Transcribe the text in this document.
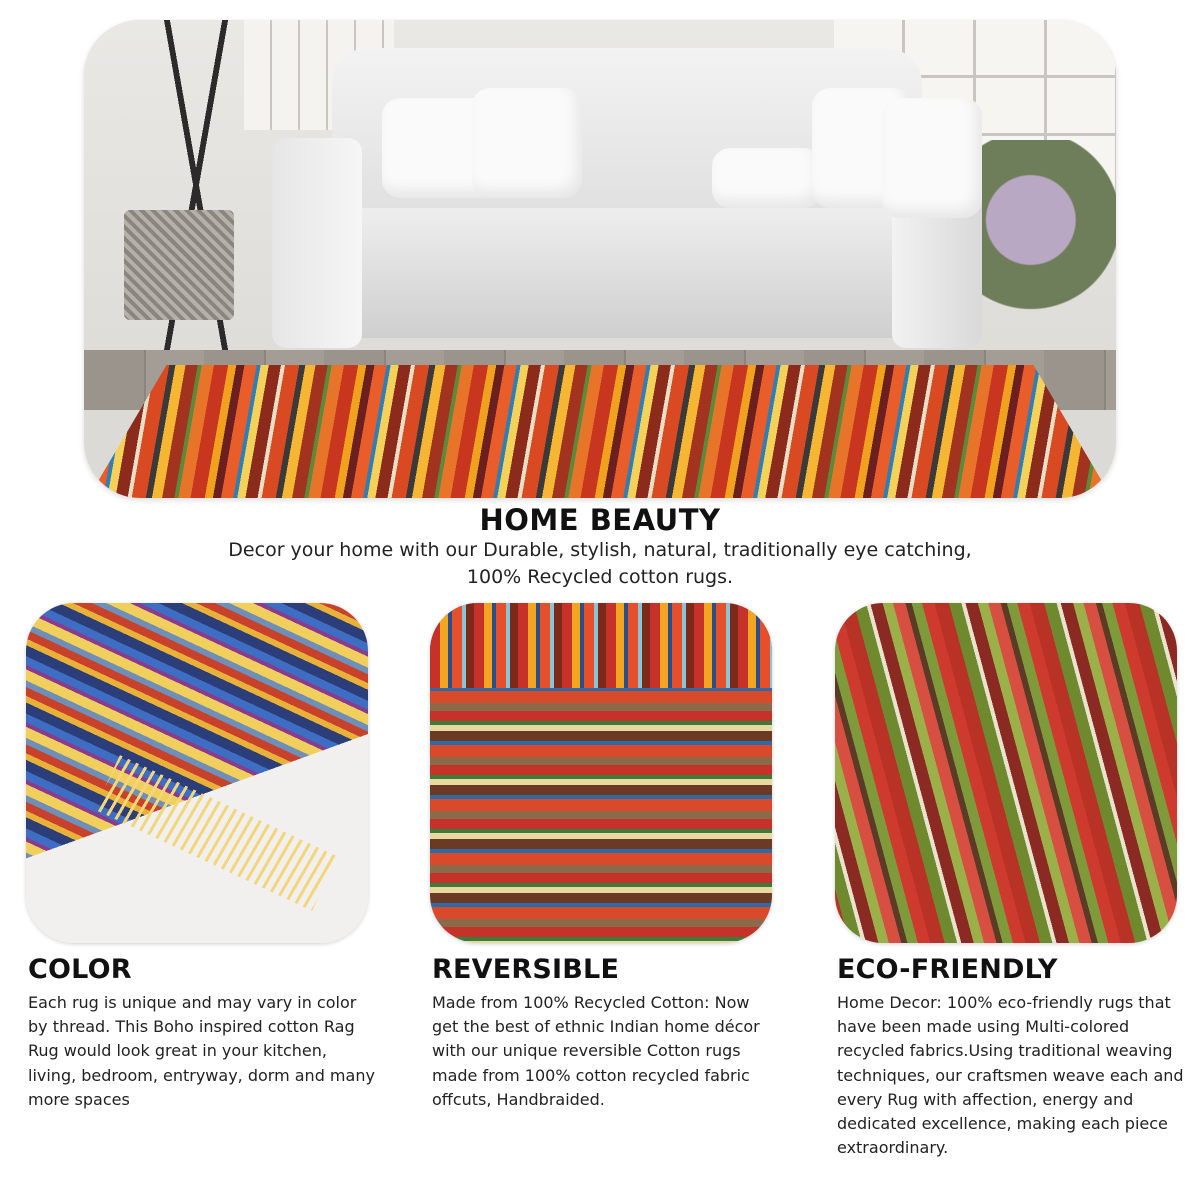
HOME BEAUTY
Decor your home with our Durable, stylish, natural, traditionally eye catching, 100% Recycled cotton rugs.
COLOR
Each rug is unique and may vary in color by thread. This Boho inspired cotton Rag Rug would look great in your kitchen, living, bedroom, entryway, dorm and many more spaces
REVERSIBLE
Made from 100% Recycled Cotton: Now get the best of ethnic Indian home décor with our unique reversible Cotton rugs made from 100% cotton recycled fabric offcuts, Handbraided.
ECO-FRIENDLY
Home Decor: 100% eco-friendly rugs that have been made using Multi-colored recycled fabrics.Using traditional weaving techniques, our craftsmen weave each and every Rug with affection, energy and dedicated excellence, making each piece extraordinary.
